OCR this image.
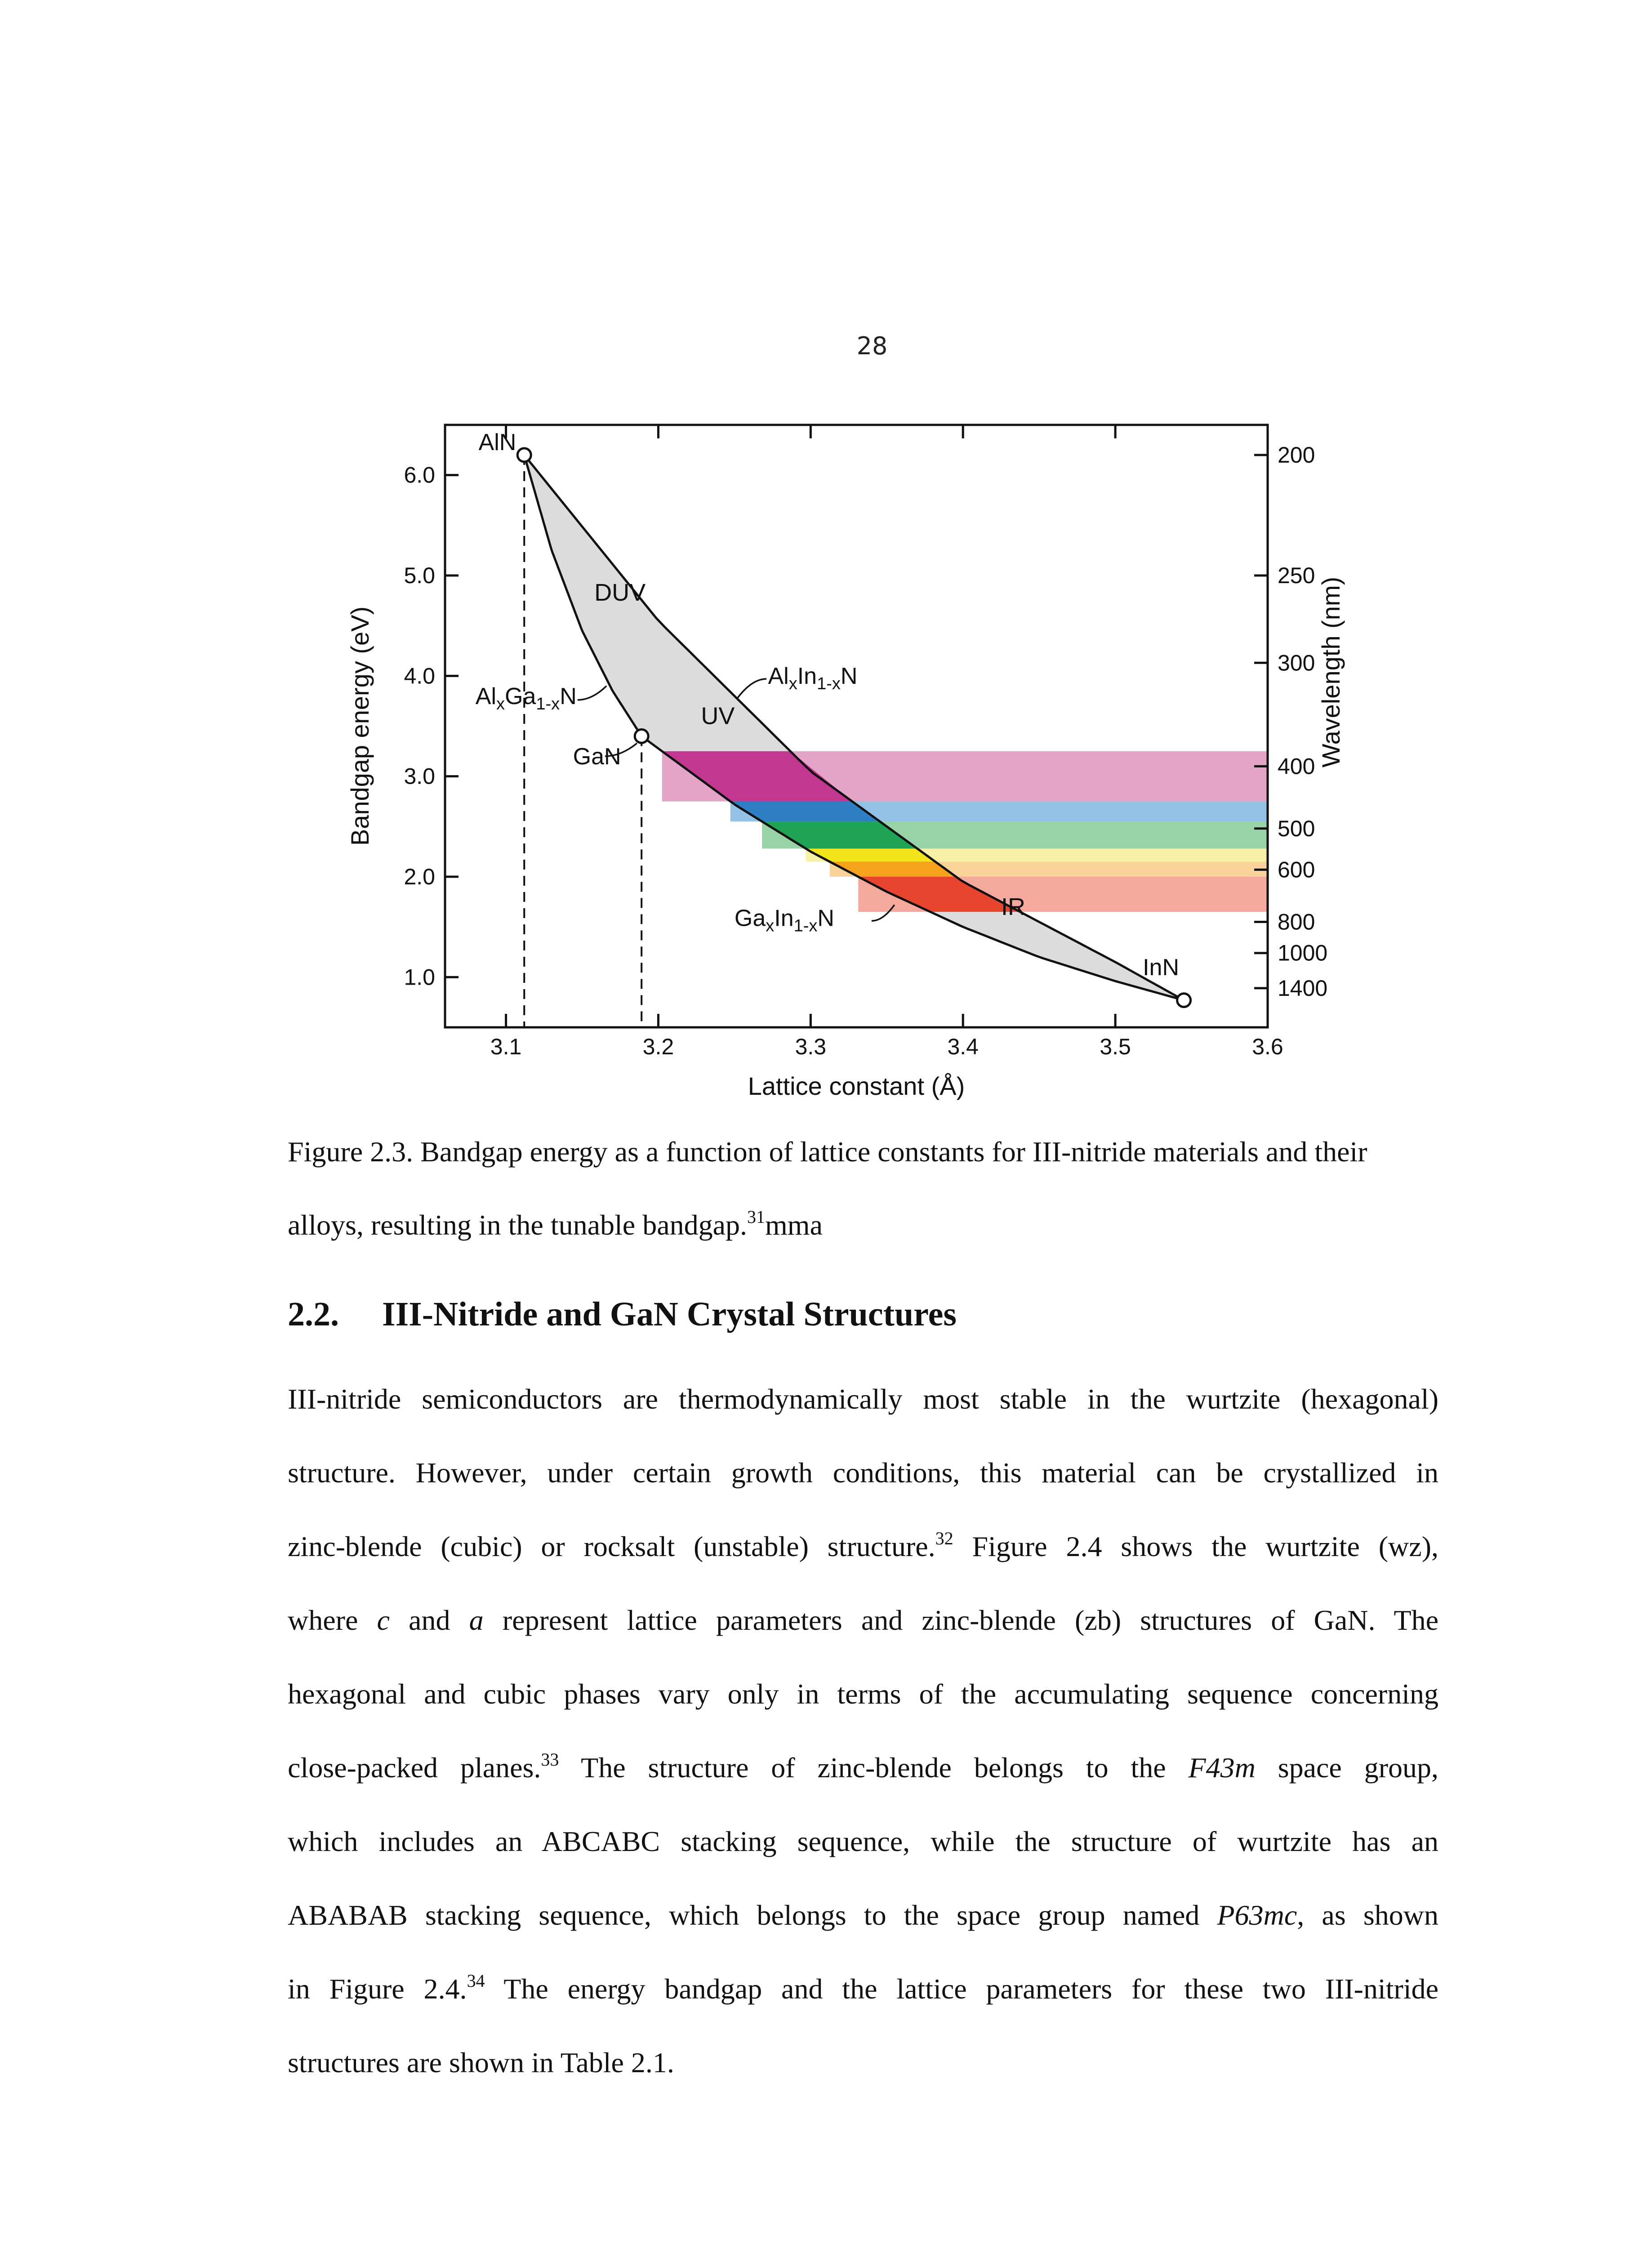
28
3.1	3.2	3.3	3.4	3.5	3.6
1.0
2.0
3.0
4.0
5.0
6.0
200
250
300
400
500
600
800
1000
1400
Lattice constant (Å)
Bandgap energy (eV)	Wavelength (nm)
DUV
UV
IR
AlN
GaN
InN
$Al_xGa_{1-x}N$
$Al_xIn_{1-x}N$
$Ga_xIn_{1-x}N$
Figure 2.3. Bandgap energy as a function of lattice constants for III-nitride materials and their alloys, resulting in the tunable bandgap.$^{31}$mma
2.2. III-Nitride and GaN Crystal Structures
III-nitride semiconductors are thermodynamically most stable in the wurtzite (hexagonal)
structure. However, under certain growth conditions, this material can be crystallized in
zinc-blende (cubic) or rocksalt (unstable) structure.$^{32}$ Figure 2.4 shows the wurtzite (wz),
where c and a represent lattice parameters and zinc-blende (zb) structures of GaN. The
hexagonal and cubic phases vary only in terms of the accumulating sequence concerning
close-packed planes.$^{33}$ The structure of zinc-blende belongs to the F43m space group,
which includes an ABCABC stacking sequence, while the structure of wurtzite has an
ABABAB stacking sequence, which belongs to the space group named P63mc, as shown
in Figure 2.4.34 The energy bandgap and the lattice parameters for these two III-nitride
structures are shown in Table 2.1.
